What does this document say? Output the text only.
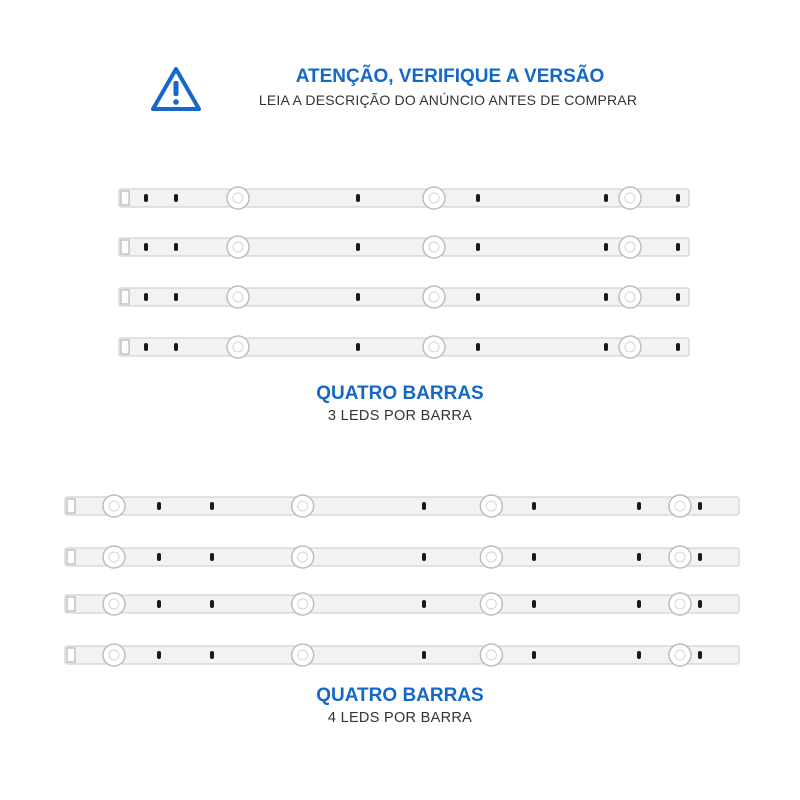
ATENÇÃO, VERIFIQUE A VERSÃO
LEIA A DESCRIÇÃO DO ANÚNCIO ANTES DE COMPRAR
QUATRO BARRAS
3 LEDS POR BARRA
QUATRO BARRAS
4 LEDS POR BARRA
